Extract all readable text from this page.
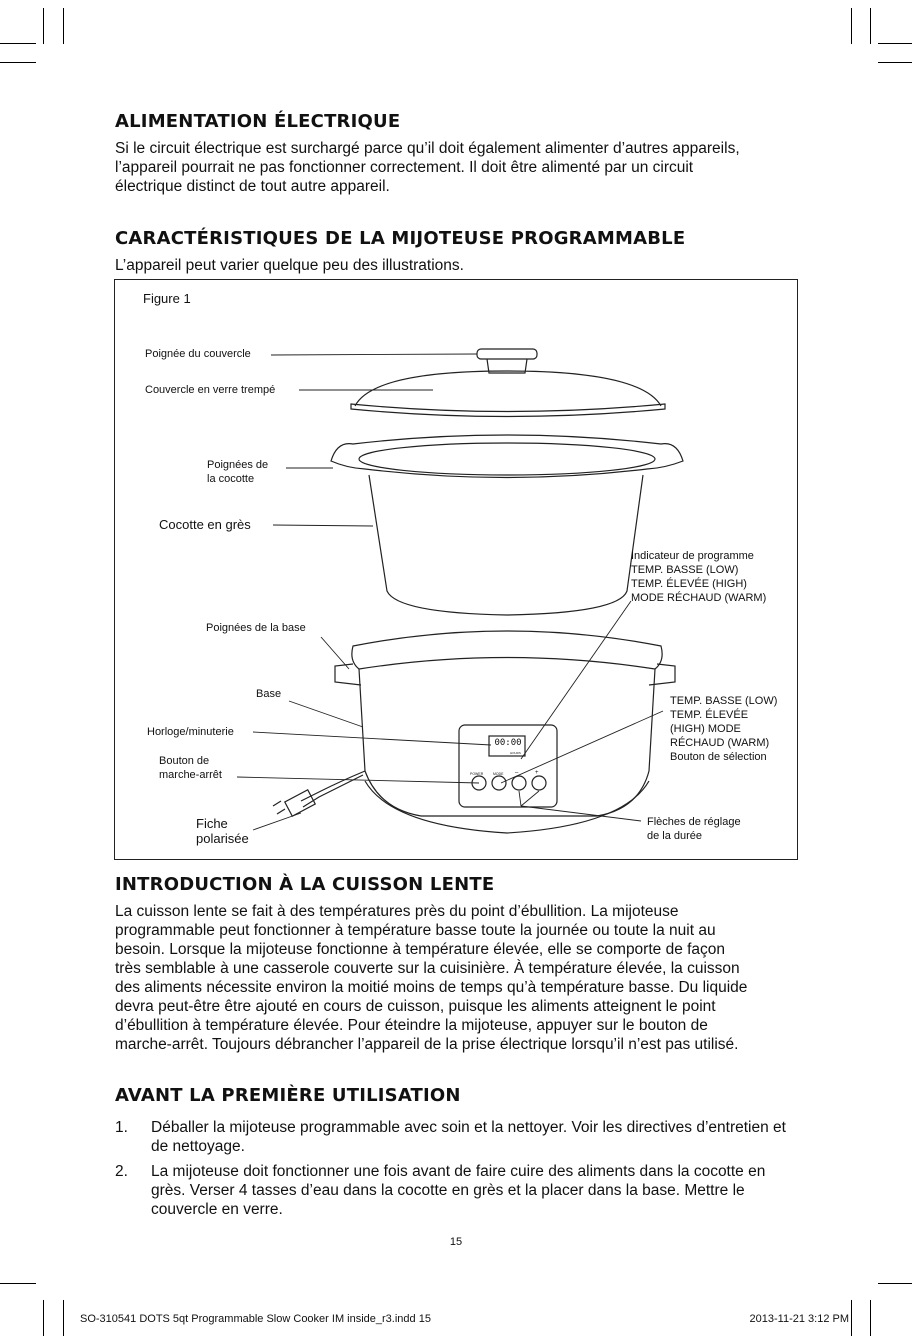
ALIMENTATION ÉLECTRIQUE

Si le circuit électrique est surchargé parce qu’il doit également alimenter d’autres appareils,
l’appareil pourrait ne pas fonctionner correctement. Il doit être alimenté par un circuit
électrique distinct de tout autre appareil.

CARACTÉRISTIQUES DE LA MIJOTEUSE PROGRAMMABLE

L’appareil peut varier quelque peu des illustrations.

Figure 1
Poignée du couvercle
Couvercle en verre trempé
Poignées de
la cocotte
Cocotte en grès
Indicateur de programme
TEMP. BASSE (LOW)
TEMP. ÉLEVÉE (HIGH)
MODE RÉCHAUD (WARM)
Poignées de la base
Base
TEMP. BASSE (LOW)
TEMP. ÉLEVÉE
(HIGH) MODE
RÉCHAUD (WARM)
Bouton de sélection
Horloge/minuterie
Bouton de
marche-arrêt
Flèches de réglage
de la durée
Fiche
polarisée
00:00
HOURS
POWER	MODE –	+
INTRODUCTION À LA CUISSON LENTE

La cuisson lente se fait à des températures près du point d’ébullition. La mijoteuse
programmable peut fonctionner à température basse toute la journée ou toute la nuit au
besoin. Lorsque la mijoteuse fonctionne à température élevée, elle se comporte de façon
très semblable à une casserole couverte sur la cuisinière. À température élevée, la cuisson
des aliments nécessite environ la moitié moins de temps qu’à température basse. Du liquide
devra peut-être être ajouté en cours de cuisson, puisque les aliments atteignent le point
d’ébullition à température élevée. Pour éteindre la mijoteuse, appuyer sur le bouton de
marche-arrêt. Toujours débrancher l’appareil de la prise électrique lorsqu’il n’est pas utilisé.

AVANT LA PREMIÈRE UTILISATION
1. Déballer la mijoteuse programmable avec soin et la nettoyer. Voir les directives d’entretien et de nettoyage.
2. La mijoteuse doit fonctionner une fois avant de faire cuire des aliments dans la cocotte en grès. Verser 4 tasses d’eau dans la cocotte en grès et la placer dans la base. Mettre le couvercle en verre.
15
SO-310541 DOTS 5qt Programmable Slow Cooker IM inside_r3.indd 15	2013-11-21 3:12 PM
